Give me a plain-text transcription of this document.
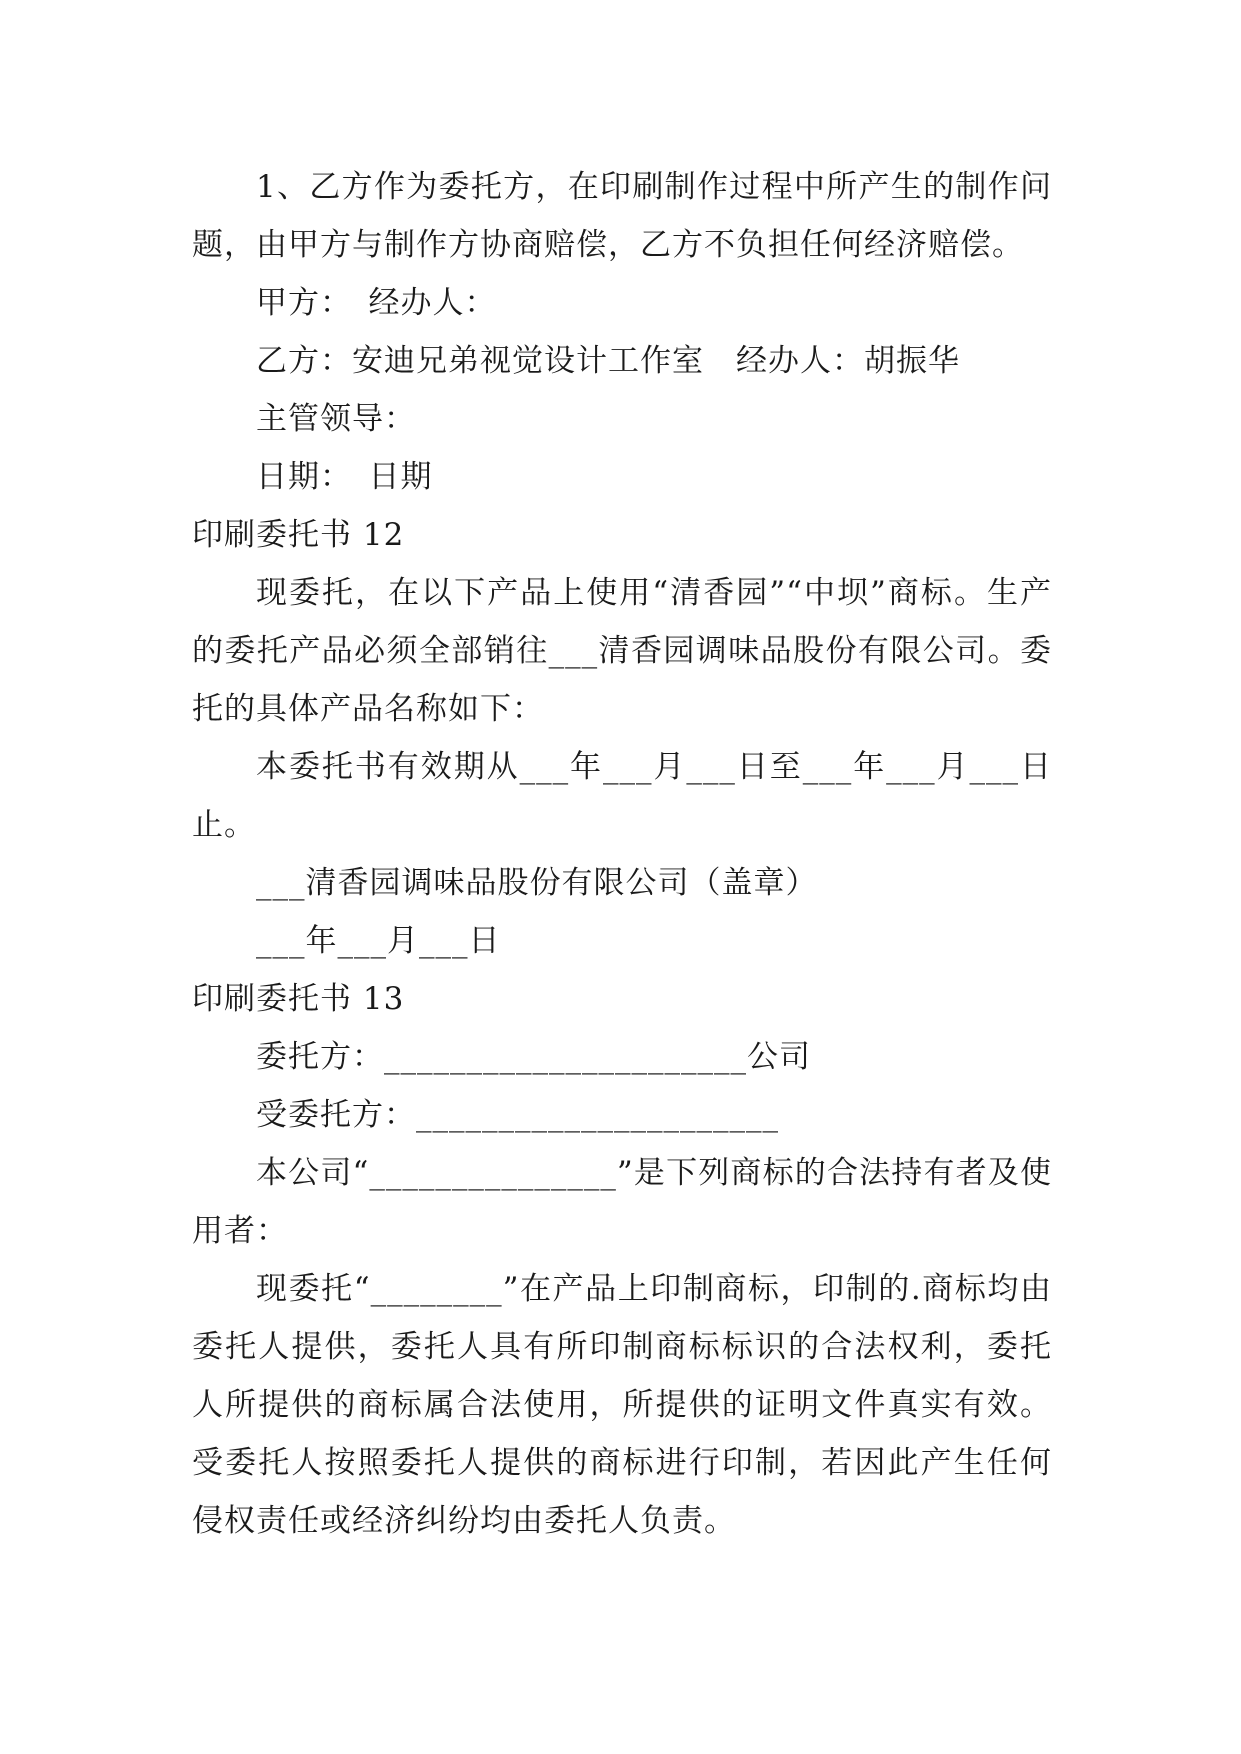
1、乙方作为委托方，在印刷制作过程中所产生的制作问题，由甲方与制作方协商赔偿，乙方不负担任何经济赔偿。

甲方：　经办人：

乙方：安迪兄弟视觉设计工作室　经办人：胡振华

主管领导：

日期：　日期

印刷委托书 12

现委托，在以下产品上使用“清香园”“中坝”商标。生产的委托产品必须全部销往___清香园调味品股份有限公司。委托的具体产品名称如下：

本委托书有效期从___年___月___日至___年___月___日止。

___清香园调味品股份有限公司（盖章）

___年___月___日

印刷委托书 13

委托方：______________________公司

受委托方：______________________

本公司“_______________”是下列商标的合法持有者及使用者：

现委托“________”在产品上印制商标，印制的.商标均由委托人提供，委托人具有所印制商标标识的合法权利，委托人所提供的商标属合法使用，所提供的证明文件真实有效。受委托人按照委托人提供的商标进行印制，若因此产生任何侵权责任或经济纠纷均由委托人负责。
